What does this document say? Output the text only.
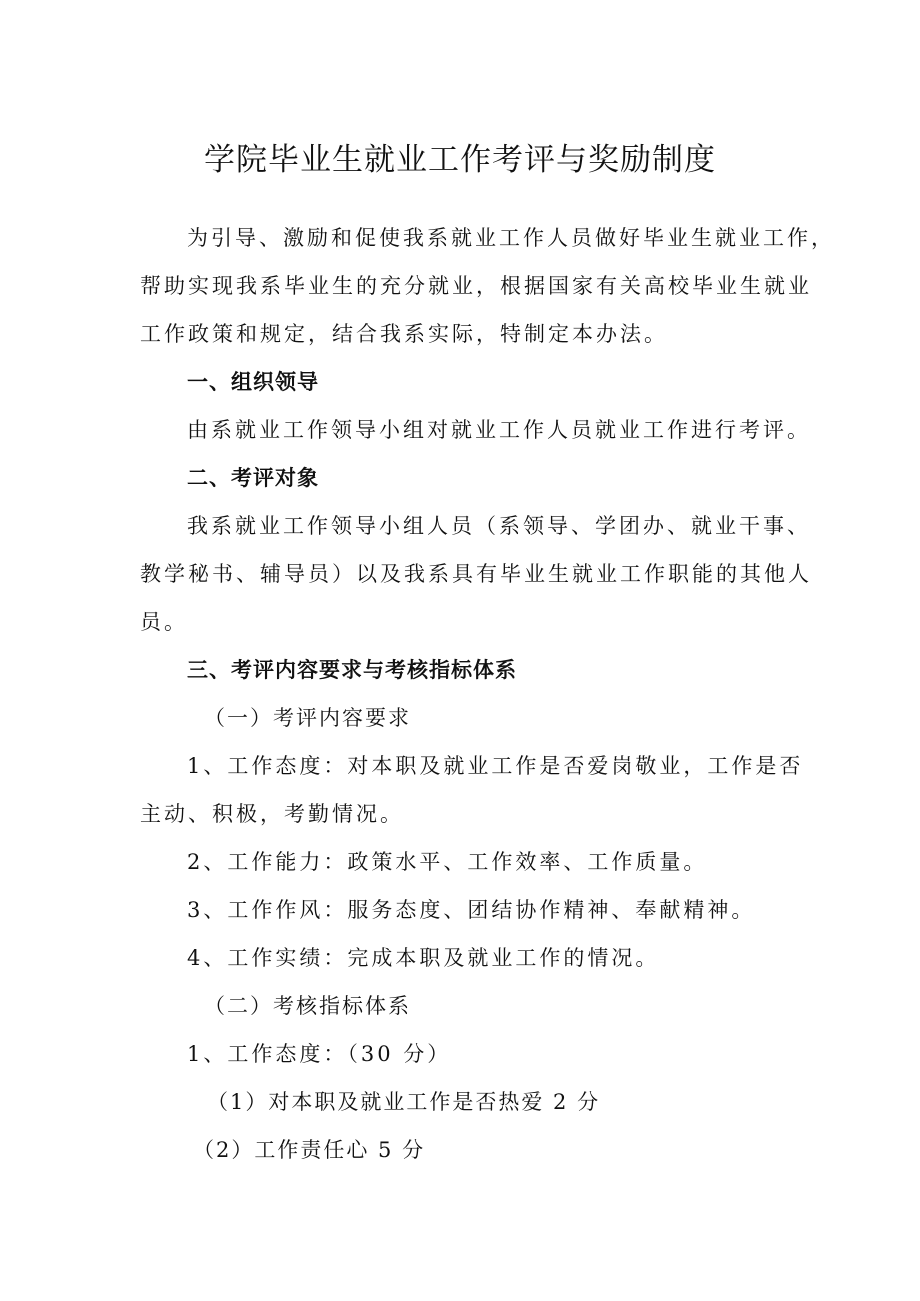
学院毕业生就业工作考评与奖励制度
为引导、激励和促使我系就业工作人员做好毕业生就业工作，
帮助实现我系毕业生的充分就业，根据国家有关高校毕业生就业
工作政策和规定，结合我系实际，特制定本办法。
一、组织领导
由系就业工作领导小组对就业工作人员就业工作进行考评。
二、考评对象
我系就业工作领导小组人员（系领导、学团办、就业干事、
教学秘书、辅导员）以及我系具有毕业生就业工作职能的其他人
员。
三、考评内容要求与考核指标体系
（一）考评内容要求
1、工作态度：对本职及就业工作是否爱岗敬业，工作是否
主动、积极，考勤情况。
2、工作能力：政策水平、工作效率、工作质量。
3、工作作风：服务态度、团结协作精神、奉献精神。
4、工作实绩：完成本职及就业工作的情况。
（二）考核指标体系
1、工作态度：（30 分）
（1）对本职及就业工作是否热爱 2 分
（2）工作责任心 5 分
